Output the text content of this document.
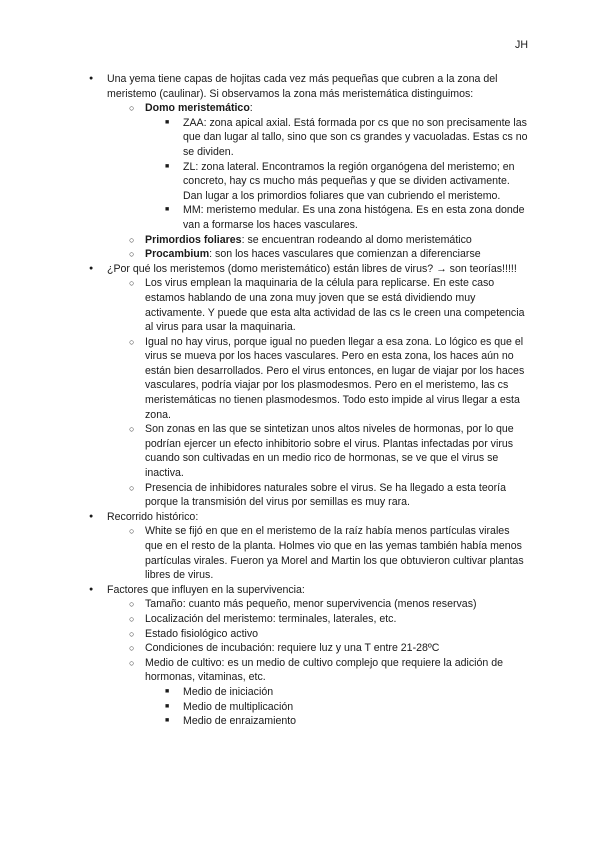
JH
● Una yema tiene capas de hojitas cada vez más pequeñas que cubren a la zona del meristemo (caulinar). Si observamos la zona más meristemática distinguimos:
○ Domo meristemático:
■ ZAA: zona apical axial. Está formada por cs que no son precisamente las que dan lugar al tallo, sino que son cs grandes y vacuoladas. Estas cs no se dividen.
■ ZL: zona lateral. Encontramos la región organógena del meristemo; en concreto, hay cs mucho más pequeñas y que se dividen activamente. Dan lugar a los primordios foliares que van cubriendo el meristemo.
■ MM: meristemo medular. Es una zona histógena. Es en esta zona donde van a formarse los haces vasculares.
○ Primordios foliares: se encuentran rodeando al domo meristemático
○ Procambium: son los haces vasculares que comienzan a diferenciarse
● ¿Por qué los meristemos (domo meristemático) están libres de virus? → son teorías!!!!!
○ Los virus emplean la maquinaria de la célula para replicarse. En este caso estamos hablando de una zona muy joven que se está dividiendo muy activamente. Y puede que esta alta actividad de las cs le creen una competencia al virus para usar la maquinaria.
○ Igual no hay virus, porque igual no pueden llegar a esa zona. Lo lógico es que el virus se mueva por los haces vasculares. Pero en esta zona, los haces aún no están bien desarrollados. Pero el virus entonces, en lugar de viajar por los haces vasculares, podría viajar por los plasmodesmos. Pero en el meristemo, las cs meristemáticas no tienen plasmodesmos. Todo esto impide al virus llegar a esta zona.
○ Son zonas en las que se sintetizan unos altos niveles de hormonas, por lo que podrían ejercer un efecto inhibitorio sobre el virus. Plantas infectadas por virus cuando son cultivadas en un medio rico de hormonas, se ve que el virus se inactiva.
○ Presencia de inhibidores naturales sobre el virus. Se ha llegado a esta teoría porque la transmisión del virus por semillas es muy rara.
● Recorrido histórico:
○ White se fijó en que en el meristemo de la raíz había menos partículas virales que en el resto de la planta. Holmes vio que en las yemas también había menos partículas virales. Fueron ya Morel and Martin los que obtuvieron cultivar plantas libres de virus.
● Factores que influyen en la supervivencia:
○ Tamaño: cuanto más pequeño, menor supervivencia (menos reservas)
○ Localización del meristemo: terminales, laterales, etc.
○ Estado fisiológico activo
○ Condiciones de incubación: requiere luz y una T entre 21-28ºC
○ Medio de cultivo: es un medio de cultivo complejo que requiere la adición de hormonas, vitaminas, etc.
■ Medio de iniciación
■ Medio de multiplicación
■ Medio de enraizamiento
